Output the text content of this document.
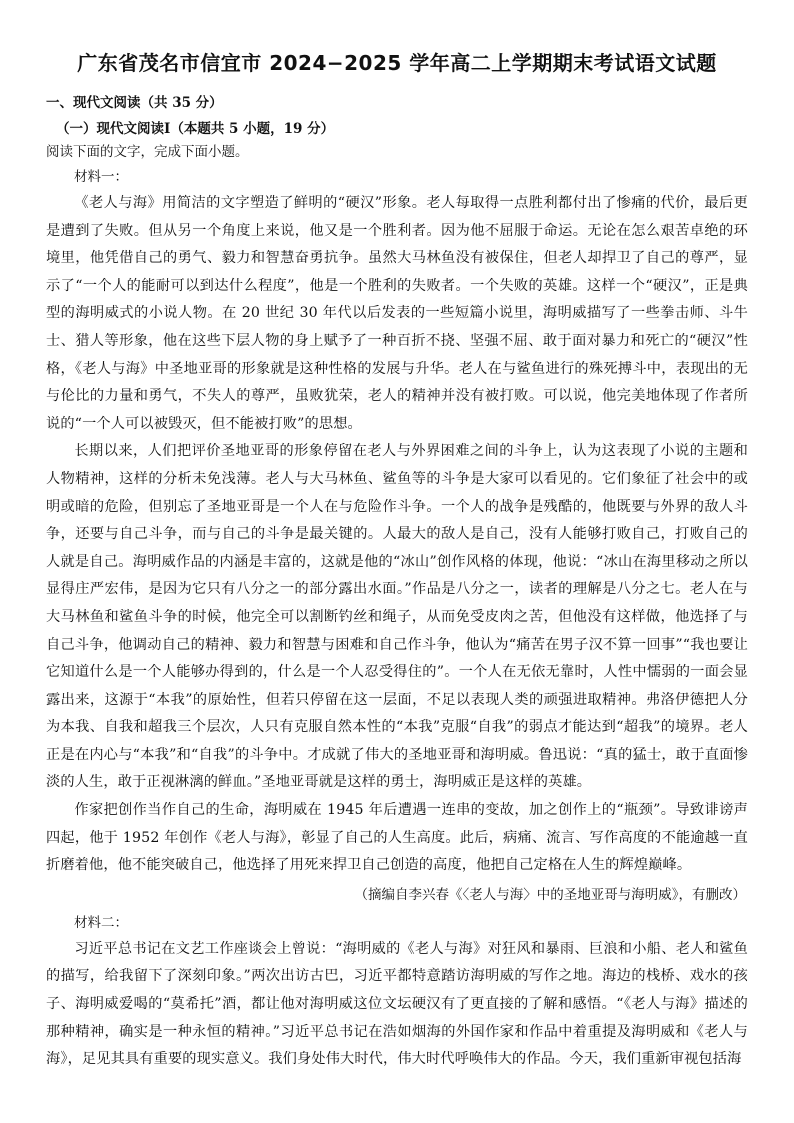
广东省茂名市信宜市 2024−2025 学年高二上学期期末考试语文试题
一、现代文阅读（共 35 分）
（一）现代文阅读Ⅰ（本题共 5 小题，19 分）
阅读下面的文字，完成下面小题。
材料一：

《老人与海》用简洁的文字塑造了鲜明的“硬汉”形象。老人每取得一点胜利都付出了惨痛的代价，最后更是遭到了失败。但从另一个角度上来说，他又是一个胜利者。因为他不屈服于命运。无论在怎么艰苦卓绝的环境里，他凭借自己的勇气、毅力和智慧奋勇抗争。虽然大马林鱼没有被保住，但老人却捍卫了自己的尊严，显示了“一个人的能耐可以到达什么程度”，他是一个胜利的失败者。一个失败的英雄。这样一个“硬汉”，正是典型的海明威式的小说人物。在 20 世纪 30 年代以后发表的一些短篇小说里，海明威描写了一些拳击师、斗牛士、猎人等形象，他在这些下层人物的身上赋予了一种百折不挠、坚强不屈、敢于面对暴力和死亡的“硬汉”性格，《老人与海》中圣地亚哥的形象就是这种性格的发展与升华。老人在与鲨鱼进行的殊死搏斗中，表现出的无与伦比的力量和勇气，不失人的尊严，虽败犹荣，老人的精神并没有被打败。可以说，他完美地体现了作者所说的“一个人可以被毁灭，但不能被打败”的思想。

长期以来，人们把评价圣地亚哥的形象停留在老人与外界困难之间的斗争上，认为这表现了小说的主题和人物精神，这样的分析未免浅薄。老人与大马林鱼、鲨鱼等的斗争是大家可以看见的。它们象征了社会中的或明或暗的危险，但别忘了圣地亚哥是一个人在与危险作斗争。一个人的战争是残酷的，他既要与外界的敌人斗争，还要与自己斗争，而与自己的斗争是最关键的。人最大的敌人是自己，没有人能够打败自己，打败自己的人就是自己。海明威作品的内涵是丰富的，这就是他的“冰山”创作风格的体现，他说：“冰山在海里移动之所以显得庄严宏伟，是因为它只有八分之一的部分露出水面。”作品是八分之一，读者的理解是八分之七。老人在与大马林鱼和鲨鱼斗争的时候，他完全可以割断钓丝和绳子，从而免受皮肉之苦，但他没有这样做，他选择了与自己斗争，他调动自己的精神、毅力和智慧与困难和自己作斗争，他认为“痛苦在男子汉不算一回事”“我也要让它知道什么是一个人能够办得到的，什么是一个人忍受得住的”。一个人在无依无靠时，人性中懦弱的一面会显露出来，这源于“本我”的原始性，但若只停留在这一层面，不足以表现人类的顽强进取精神。弗洛伊德把人分为本我、自我和超我三个层次，人只有克服自然本性的“本我”克服“自我”的弱点才能达到“超我”的境界。老人正是在内心与“本我”和“自我”的斗争中。才成就了伟大的圣地亚哥和海明威。鲁迅说：“真的猛士，敢于直面惨淡的人生，敢于正视淋漓的鲜血。”圣地亚哥就是这样的勇士，海明威正是这样的英雄。

作家把创作当作自己的生命，海明威在 1945 年后遭遇一连串的变故，加之创作上的“瓶颈”。导致诽谤声四起，他于 1952 年创作《老人与海》，彰显了自己的人生高度。此后，病痛、流言、写作高度的不能逾越一直折磨着他，他不能突破自己，他选择了用死来捍卫自己创造的高度，他把自己定格在人生的辉煌巅峰。

（摘编自李兴春《〈老人与海〉中的圣地亚哥与海明威》，有删改）
材料二：

习近平总书记在文艺工作座谈会上曾说：“海明威的《老人与海》对狂风和暴雨、巨浪和小船、老人和鲨鱼的描写，给我留下了深刻印象。”两次出访古巴，习近平都特意踏访海明威的写作之地。海边的栈桥、戏水的孩子、海明威爱喝的“莫希托”酒，都让他对海明威这位文坛硬汉有了更直接的了解和感悟。“《老人与海》描述的那种精神，确实是一种永恒的精神。”习近平总书记在浩如烟海的外国作家和作品中着重提及海明威和《老人与海》，足见其具有重要的现实意义。我们身处伟大时代，伟大时代呼唤伟大的作品。今天，我们重新审视包括海
